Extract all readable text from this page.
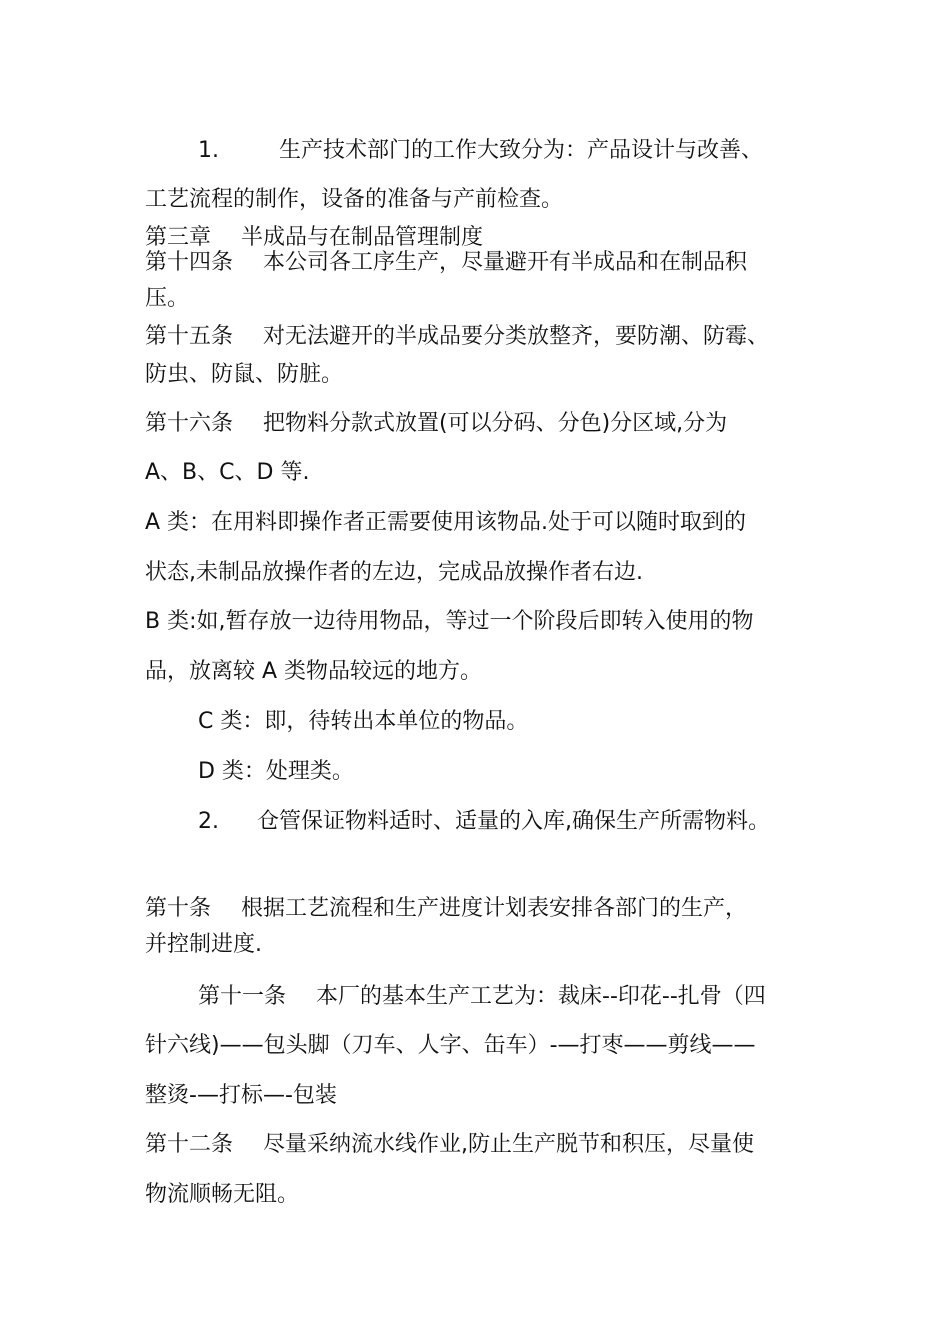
1.	生产技术部门的工作大致分为：产品设计与改善、
工艺流程的制作，设备的准备与产前检查。
第三章 半成品与在制品管理制度
第十四条 本公司各工序生产，尽量避开有半成品和在制品积
压。
第十五条 对无法避开的半成品要分类放整齐，要防潮、防霉、
防虫、防鼠、防脏。
第十六条 把物料分款式放置(可以分码、分色)分区域,分为
A、B、C、D 等.
A 类：在用料即操作者正需要使用该物品.处于可以随时取到的
状态,未制品放操作者的左边，完成品放操作者右边.
B 类:如,暂存放一边待用物品，等过一个阶段后即转入使用的物
品，放离较 A 类物品较远的地方。
C 类：即，待转出本单位的物品。
D 类：处理类。
2. 仓管保证物料适时、适量的入库,确保生产所需物料。
第十条 根据工艺流程和生产进度计划表安排各部门的生产，
并控制进度.
第十一条 本厂的基本生产工艺为：裁床--印花--扎骨（四
针六线)——包头脚（刀车、人字、缶车）-—打枣——剪线——
整烫-—打标—-包装
第十二条 尽量采纳流水线作业,防止生产脱节和积压，尽量使
物流顺畅无阻。
